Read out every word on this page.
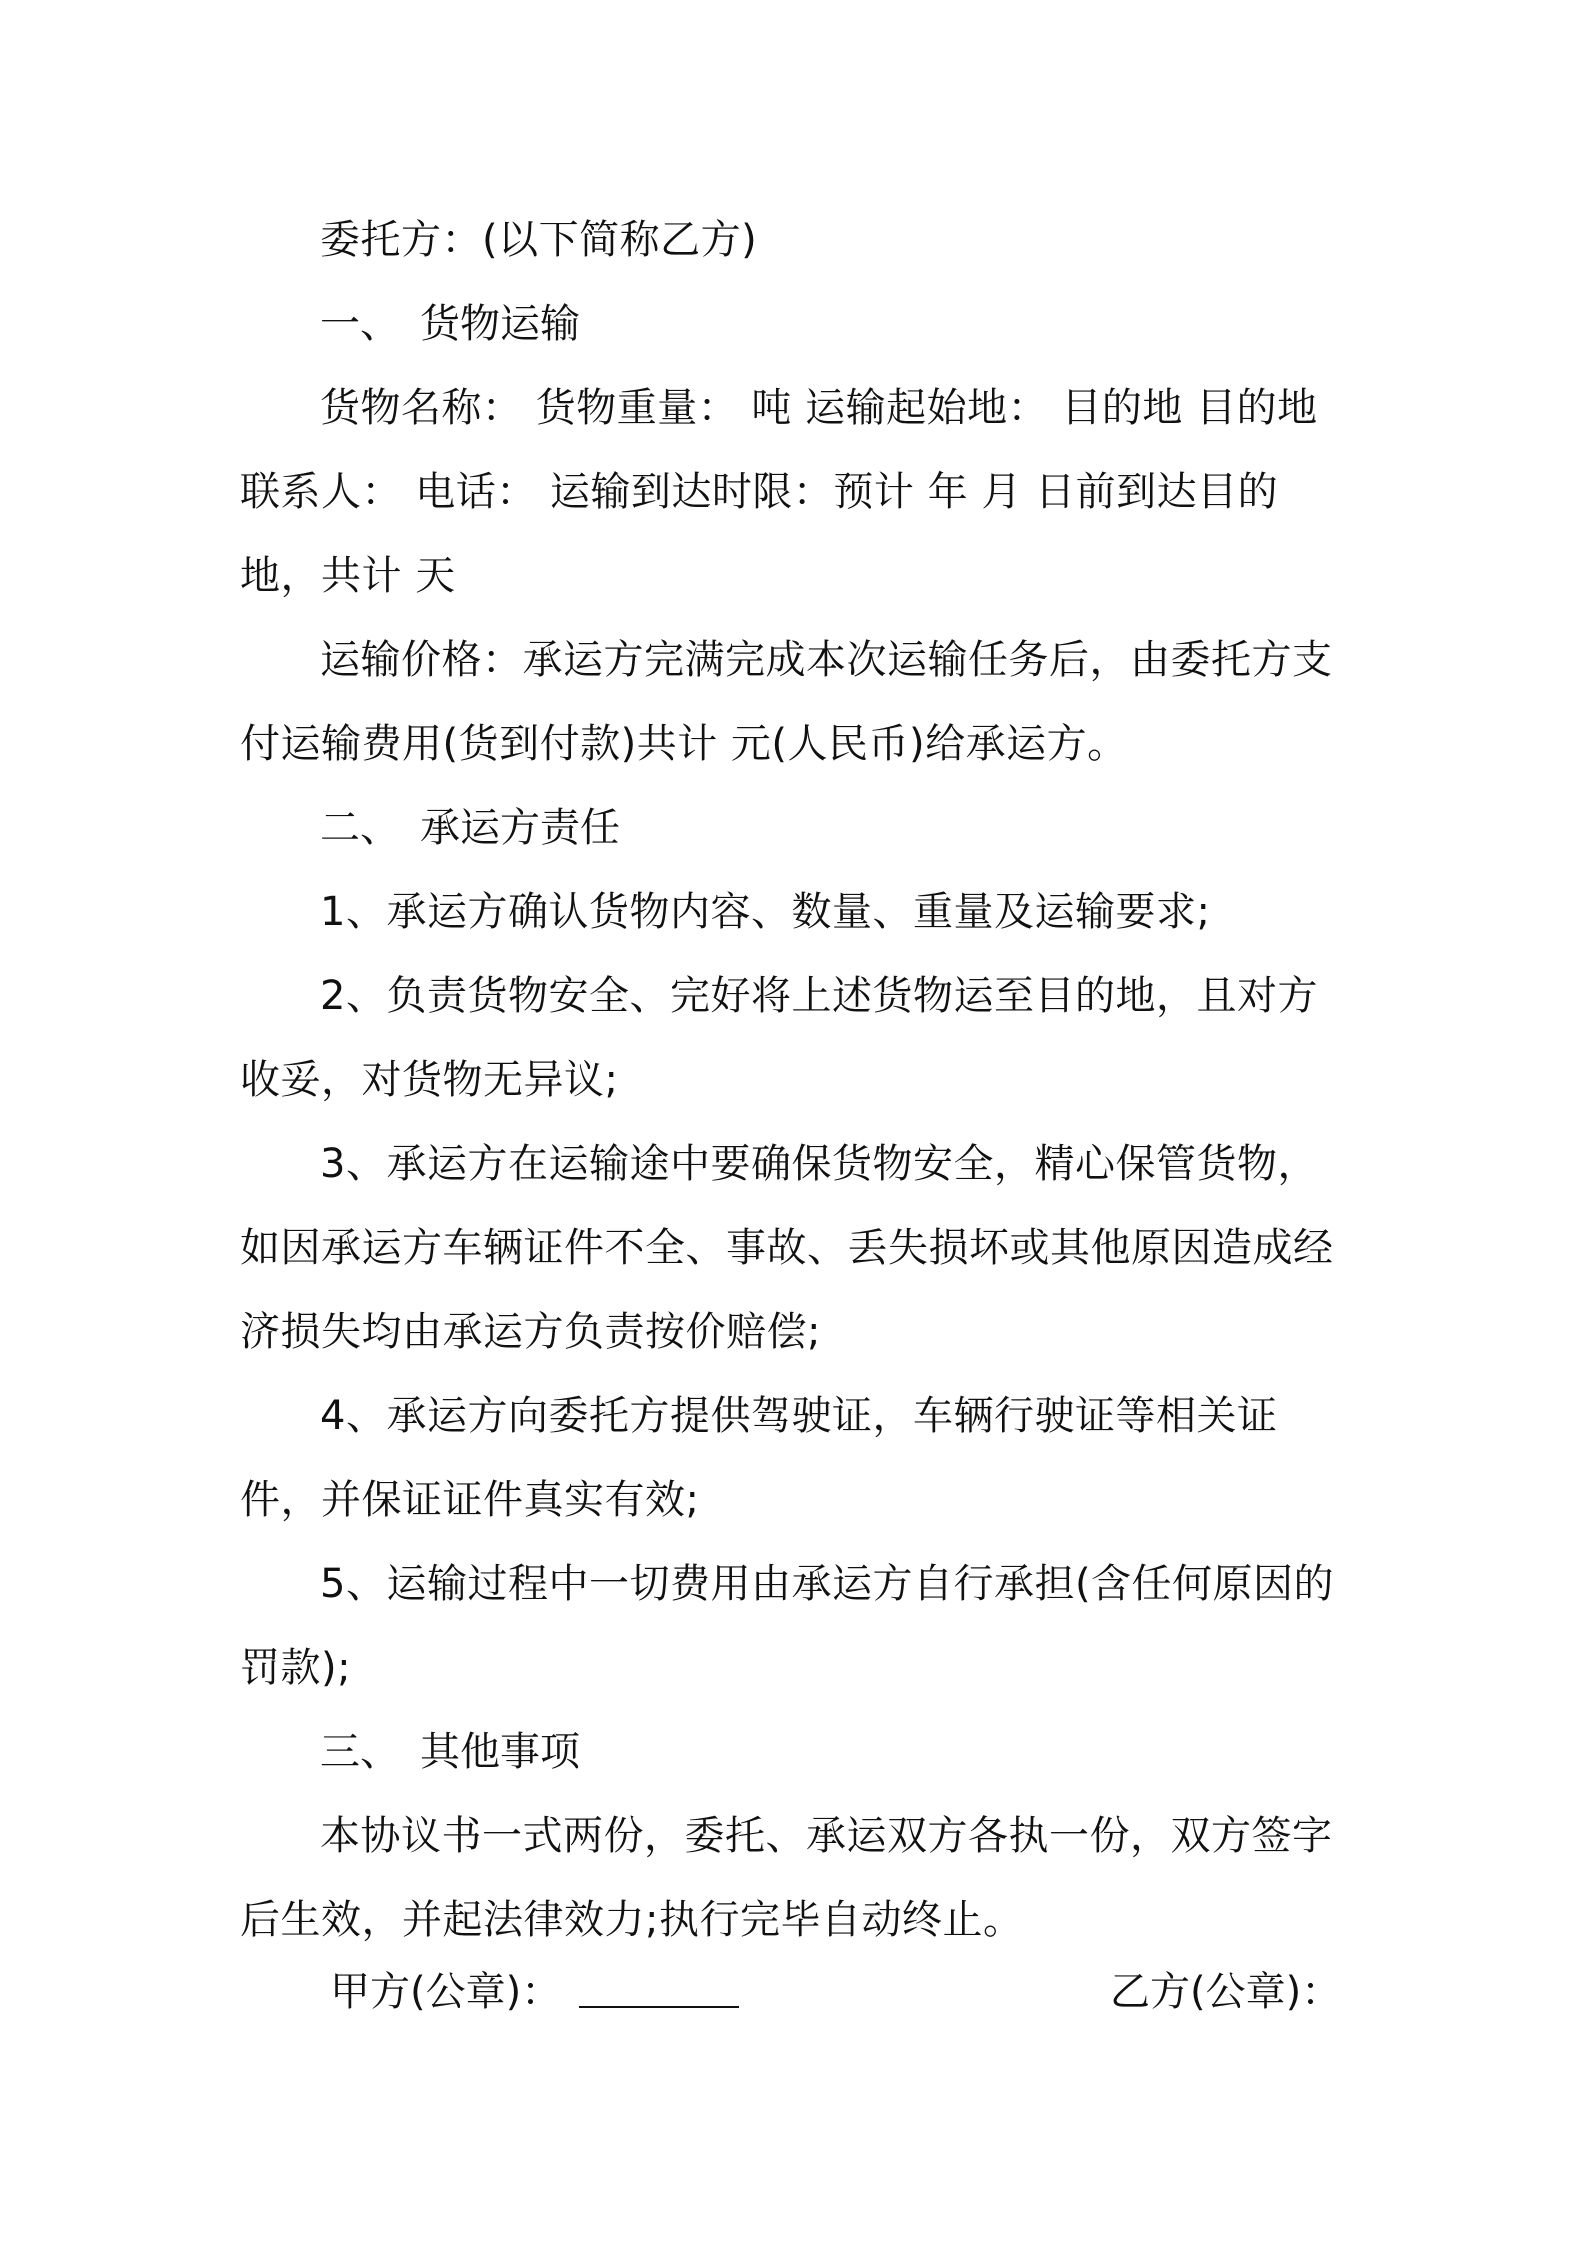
委托方：(以下简称乙方)

一、 货物运输

货物名称： 货物重量： 吨 运输起始地： 目的地 目的地联系人： 电话： 运输到达时限：预计 年 月 日前到达目的地，共计 天

运输价格：承运方完满完成本次运输任务后，由委托方支付运输费用(货到付款)共计 元(人民币)给承运方。

二、 承运方责任

1、承运方确认货物内容、数量、重量及运输要求;

2、负责货物安全、完好将上述货物运至目的地，且对方收妥，对货物无异议;

3、承运方在运输途中要确保货物安全，精心保管货物，如因承运方车辆证件不全、事故、丢失损坏或其他原因造成经济损失均由承运方负责按价赔偿;

4、承运方向委托方提供驾驶证，车辆行驶证等相关证件，并保证证件真实有效;

5、运输过程中一切费用由承运方自行承担(含任何原因的罚款);

三、 其他事项

本协议书一式两份，委托、承运双方各执一份，双方签字后生效，并起法律效力;执行完毕自动终止。

甲方(公章)：	乙方(公章)：
